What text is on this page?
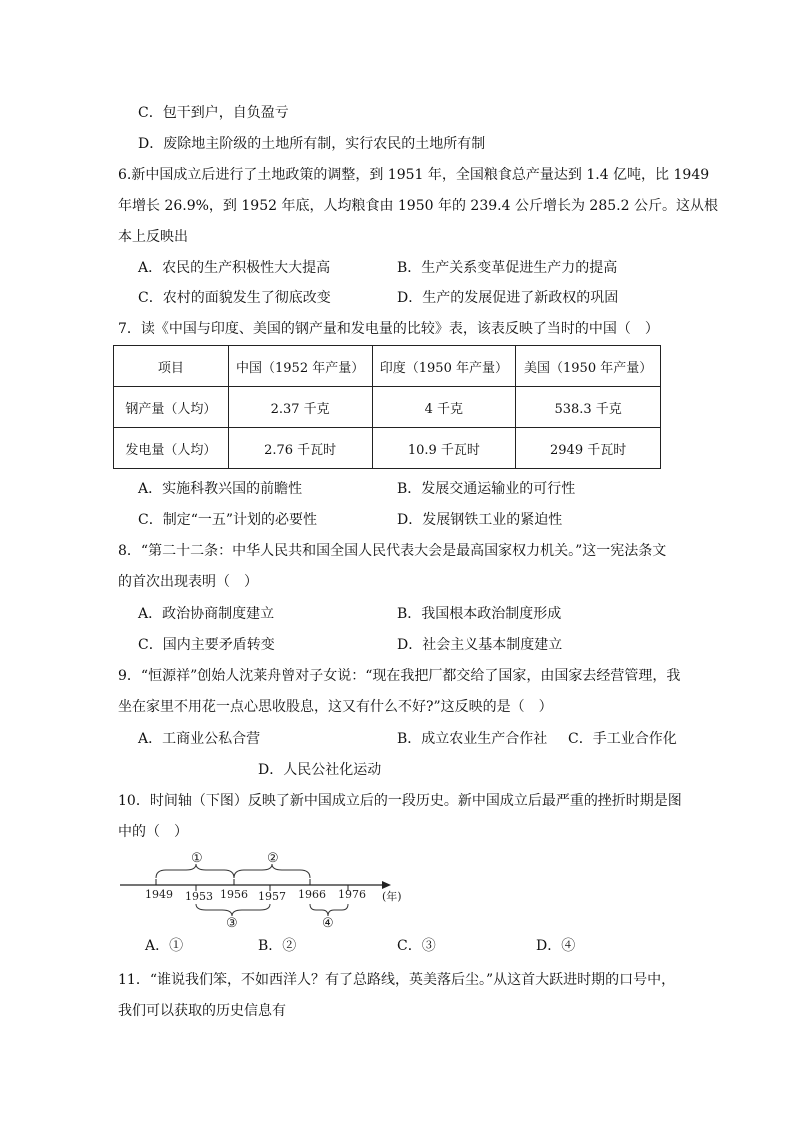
C．包干到户，自负盈亏
D．废除地主阶级的土地所有制，实行农民的土地所有制
6.新中国成立后进行了土地政策的调整，到 1951 年，全国粮食总产量达到 1.4 亿吨，比 1949
年增长 26.9%，到 1952 年底，人均粮食由 1950 年的 239.4 公斤增长为 285.2 公斤。这从根
本上反映出
A．农民的生产积极性大大提高	B．生产关系变革促进生产力的提高
C．农村的面貌发生了彻底改变	D．生产的发展促进了新政权的巩固
7．读《中国与印度、美国的钢产量和发电量的比较》表，该表反映了当时的中国（　）
项目	中国（1952 年产量）	印度（1950 年产量）	美国（1950 年产量）
钢产量（人均）	2.37 千克	4 千克	538.3 千克
发电量（人均）	2.76 千瓦时	10.9 千瓦时	2949 千瓦时
A．实施科教兴国的前瞻性	B．发展交通运输业的可行性
C．制定“一五”计划的必要性	D．发展钢铁工业的紧迫性
8．“第二十二条：中华人民共和国全国人民代表大会是最高国家权力机关。”这一宪法条文
的首次出现表明（　）
A．政治协商制度建立	B．我国根本政治制度形成
C．国内主要矛盾转变	D．社会主义基本制度建立
9．“恒源祥”创始人沈莱舟曾对子女说：“现在我把厂都交给了国家，由国家去经营管理，我
坐在家里不用花一点心思收股息，这又有什么不好?”这反映的是（　）
A．工商业公私合营	B．成立农业生产合作社 C．手工业合作化
D．人民公社化运动
10．时间轴（下图）反映了新中国成立后的一段历史。新中国成立后最严重的挫折时期是图
中的（　）
①	②
1949 1953 1956 1957 1966 1976 (年)
③	④
A．①	B．②	C．③	D．④
11．“谁说我们笨，不如西洋人？有了总路线，英美落后尘。”从这首大跃进时期的口号中，
我们可以获取的历史信息有
